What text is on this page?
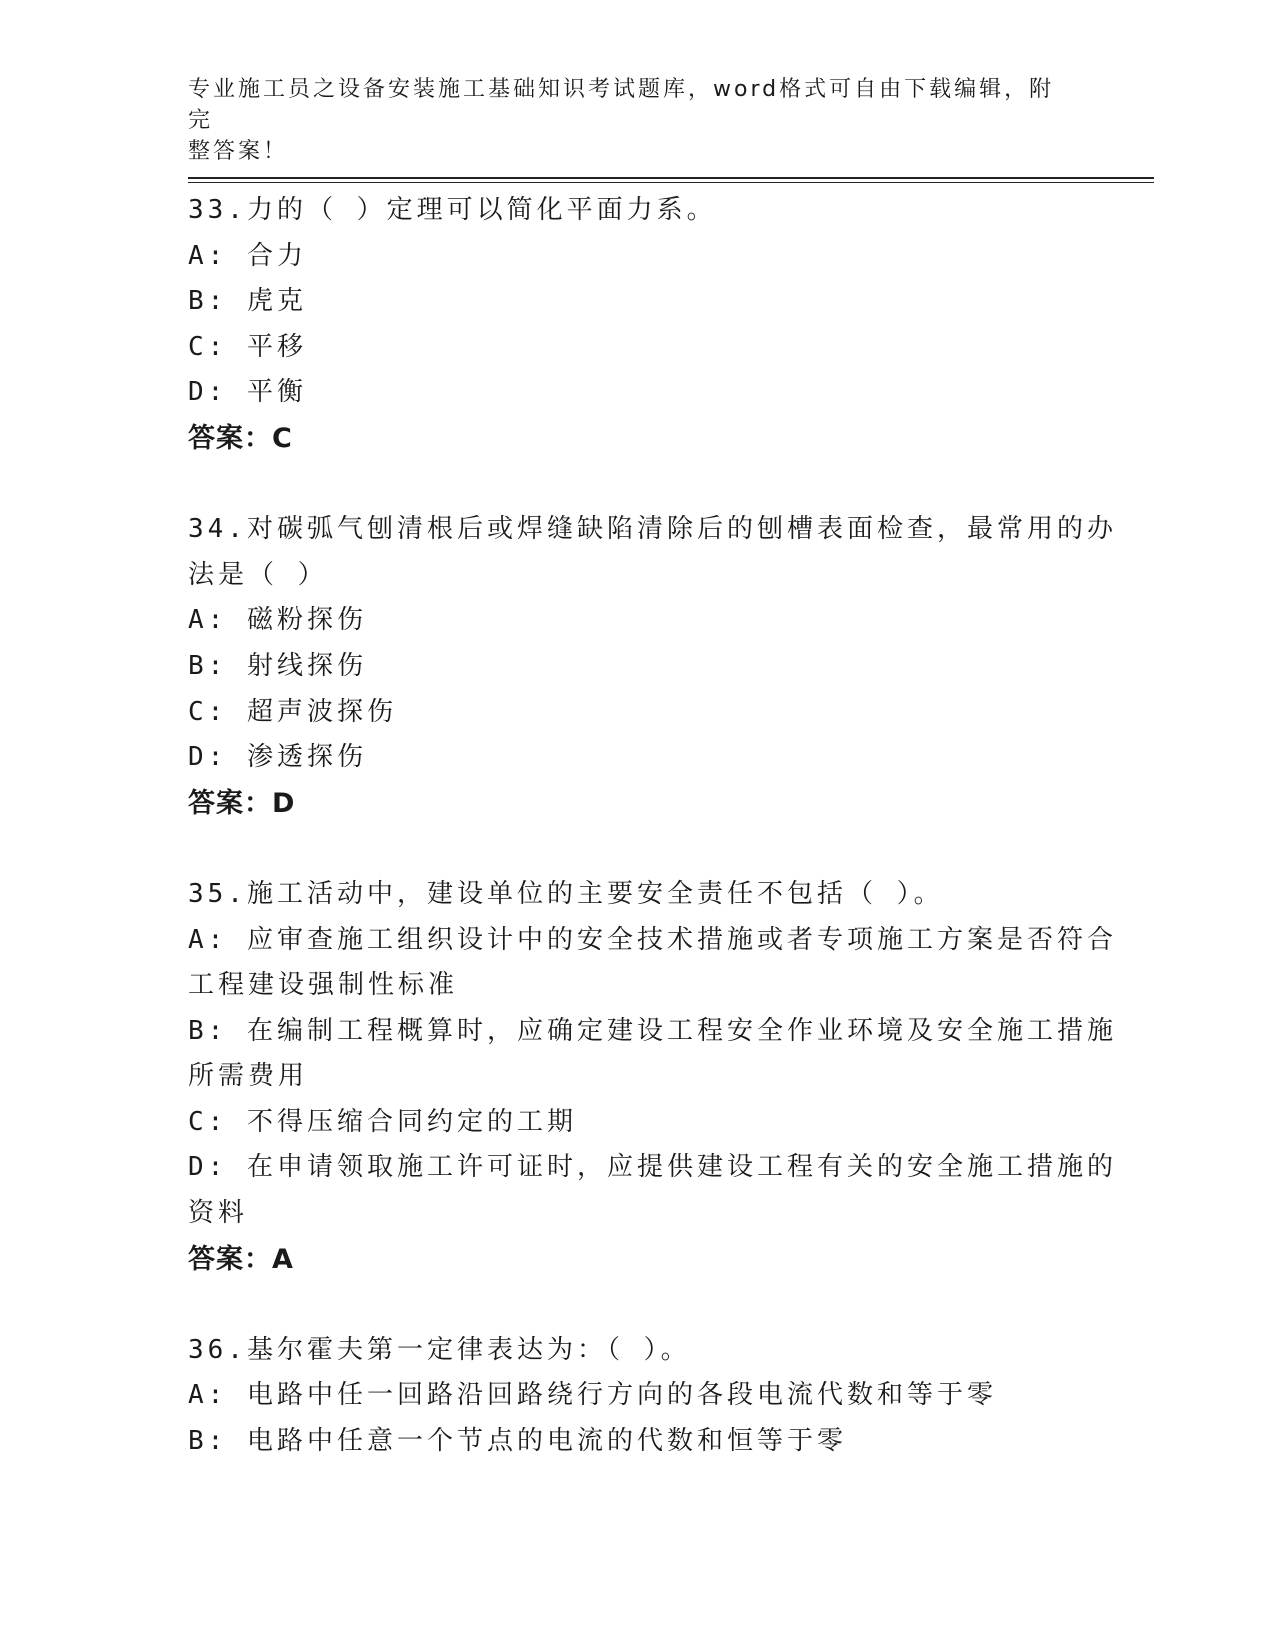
专业施工员之设备安装施工基础知识考试题库，word格式可自由下载编辑，附完
整答案！
33.力的（ ）定理可以简化平面力系。
A: 合力
B: 虎克
C: 平移
D: 平衡
答案：C
34.对碳弧气刨清根后或焊缝缺陷清除后的刨槽表面检查，最常用的办
法是（ ）
A: 磁粉探伤
B: 射线探伤
C: 超声波探伤
D: 渗透探伤
答案：D
35.施工活动中，建设单位的主要安全责任不包括（ ）。
A: 应审查施工组织设计中的安全技术措施或者专项施工方案是否符合
工程建设强制性标准
B: 在编制工程概算时，应确定建设工程安全作业环境及安全施工措施
所需费用
C: 不得压缩合同约定的工期
D: 在申请领取施工许可证时，应提供建设工程有关的安全施工措施的
资料
答案：A
36.基尔霍夫第一定律表达为：（ ）。
A: 电路中任一回路沿回路绕行方向的各段电流代数和等于零
B: 电路中任意一个节点的电流的代数和恒等于零
